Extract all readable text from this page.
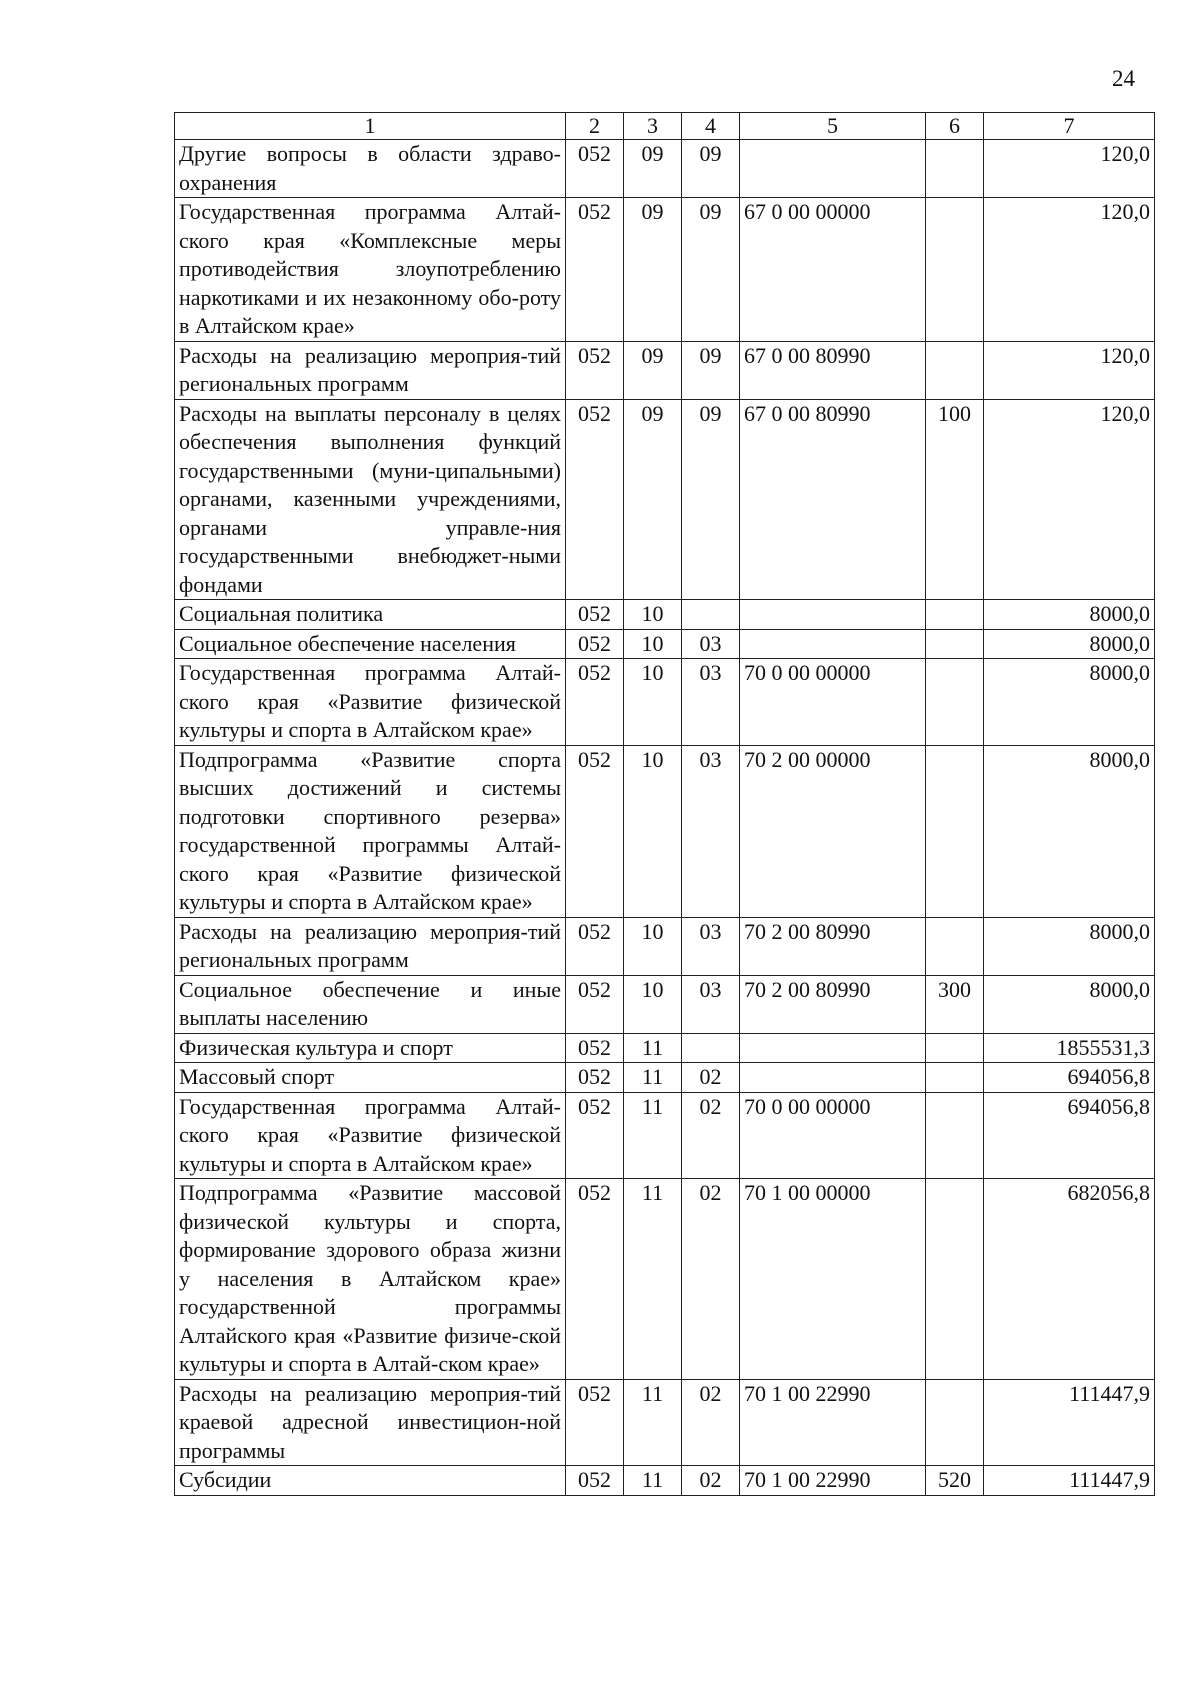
24
1	2	3	4	5	6	7
Другие вопросы в области здраво-охранения	052	09	09			120,0
Государственная программа Алтай-ского края «Комплексные меры противодействия злоупотреблению наркотиками и их незаконному обо-роту в Алтайском крае»	052	09	09	67 0 00 00000		120,0
Расходы на реализацию мероприя-тий региональных программ	052	09	09	67 0 00 80990		120,0
Расходы на выплаты персоналу в целях обеспечения выполнения функций государственными (муни-ципальными) органами, казенными учреждениями, органами управле-ния государственными внебюджет-ными фондами	052	09	09	67 0 00 80990	100	120,0
Социальная политика	052	10				8000,0
Социальное обеспечение населения	052	10	03			8000,0
Государственная программа Алтай-ского края «Развитие физической культуры и спорта в Алтайском крае»	052	10	03	70 0 00 00000		8000,0
Подпрограмма «Развитие спорта высших достижений и системы подготовки спортивного резерва» государственной программы Алтай-ского края «Развитие физической культуры и спорта в Алтайском крае»	052	10	03	70 2 00 00000		8000,0
Расходы на реализацию мероприя-тий региональных программ	052	10	03	70 2 00 80990		8000,0
Социальное обеспечение и иные выплаты населению	052	10	03	70 2 00 80990	300	8000,0
Физическая культура и спорт	052	11				1855531,3
Массовый спорт	052	11	02			694056,8
Государственная программа Алтай-ского края «Развитие физической культуры и спорта в Алтайском крае»	052	11	02	70 0 00 00000		694056,8
Подпрограмма «Развитие массовой физической культуры и спорта, формирование здорового образа жизни у населения в Алтайском крае» государственной программы Алтайского края «Развитие физиче-ской культуры и спорта в Алтай-ском крае»	052	11	02	70 1 00 00000		682056,8
Расходы на реализацию мероприя-тий краевой адресной инвестицион-ной программы	052	11	02	70 1 00 22990		111447,9
Субсидии	052	11	02	70 1 00 22990	520	111447,9
